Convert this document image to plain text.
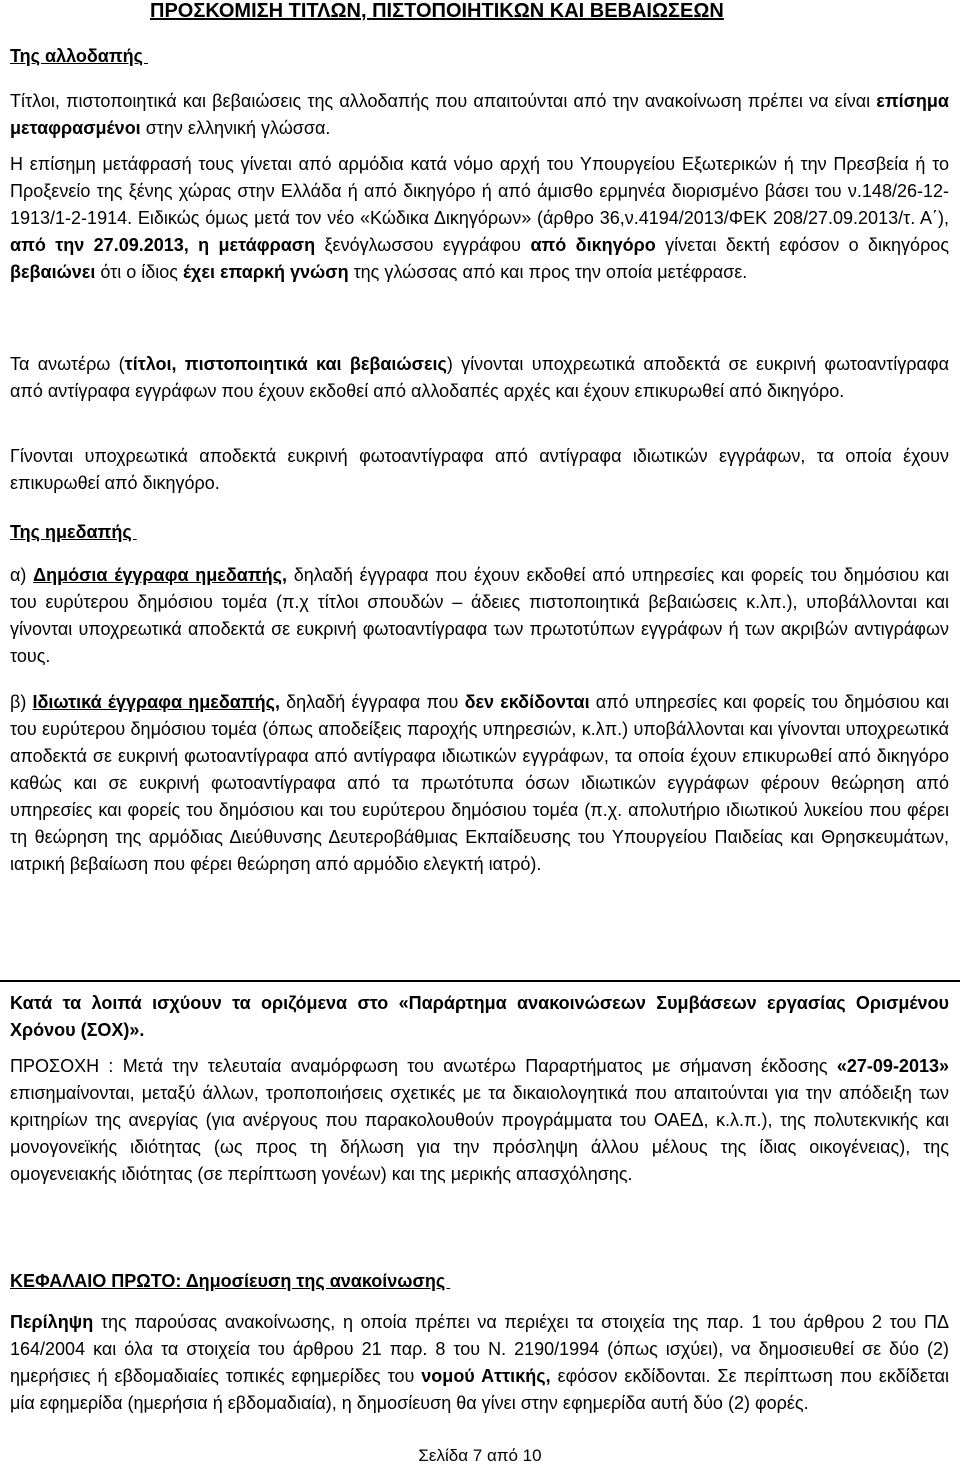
ΠΡΟΣΚΟΜΙΣΗ ΤΙΤΛΩΝ, ΠΙΣΤΟΠΟΙΗΤΙΚΩΝ ΚΑΙ ΒΕΒΑΙΩΣΕΩΝ
Της αλλοδαπής

Τίτλοι, πιστοποιητικά και βεβαιώσεις της αλλοδαπής που απαιτούνται από την ανακοίνωση πρέπει να είναι επίσημα μεταφρασμένοι στην ελληνική γλώσσα.

Η επίσημη μετάφρασή τους γίνεται από αρμόδια κατά νόμο αρχή του Υπουργείου Εξωτερικών ή την Πρεσβεία ή το Προξενείο της ξένης χώρας στην Ελλάδα ή από δικηγόρο ή από άμισθο ερμηνέα διορισμένο βάσει του ν.148/26-12-1913/1-2-1914. Ειδικώς όμως μετά τον νέο «Κώδικα Δικηγόρων» (άρθρο 36,ν.4194/2013/ΦΕΚ 208/27.09.2013/τ. Α΄), από την 27.09.2013, η μετάφραση ξενόγλωσσου εγγράφου από δικηγόρο γίνεται δεκτή εφόσον ο δικηγόρος βεβαιώνει ότι ο ίδιος έχει επαρκή γνώση της γλώσσας από και προς την οποία μετέφρασε.

Τα ανωτέρω (τίτλοι, πιστοποιητικά και βεβαιώσεις) γίνονται υποχρεωτικά αποδεκτά σε ευκρινή φωτοαντίγραφα από αντίγραφα εγγράφων που έχουν εκδοθεί από αλλοδαπές αρχές και έχουν επικυρωθεί από δικηγόρο.

Γίνονται υποχρεωτικά αποδεκτά ευκρινή φωτοαντίγραφα από αντίγραφα ιδιωτικών εγγράφων, τα οποία έχουν επικυρωθεί από δικηγόρο.

Της ημεδαπής

α) Δημόσια έγγραφα ημεδαπής, δηλαδή έγγραφα που έχουν εκδοθεί από υπηρεσίες και φορείς του δημόσιου και του ευρύτερου δημόσιου τομέα (π.χ τίτλοι σπουδών – άδειες πιστοποιητικά βεβαιώσεις κ.λπ.), υποβάλλονται και γίνονται υποχρεωτικά αποδεκτά σε ευκρινή φωτοαντίγραφα των πρωτοτύπων εγγράφων ή των ακριβών αντιγράφων τους.

β) Ιδιωτικά έγγραφα ημεδαπής, δηλαδή έγγραφα που δεν εκδίδονται από υπηρεσίες και φορείς του δημόσιου και του ευρύτερου δημόσιου τομέα (όπως αποδείξεις παροχής υπηρεσιών, κ.λπ.) υποβάλλονται και γίνονται υποχρεωτικά αποδεκτά σε ευκρινή φωτοαντίγραφα από αντίγραφα ιδιωτικών εγγράφων, τα οποία έχουν επικυρωθεί από δικηγόρο καθώς και σε ευκρινή φωτοαντίγραφα από τα πρωτότυπα όσων ιδιωτικών εγγράφων φέρουν θεώρηση από υπηρεσίες και φορείς του δημόσιου και του ευρύτερου δημόσιου τομέα (π.χ. απολυτήριο ιδιωτικού λυκείου που φέρει τη θεώρηση της αρμόδιας Διεύθυνσης Δευτεροβάθμιας Εκπαίδευσης του Υπουργείου Παιδείας και Θρησκευμάτων, ιατρική βεβαίωση που φέρει θεώρηση από αρμόδιο ελεγκτή ιατρό).

Κατά τα λοιπά ισχύουν τα οριζόμενα στο «Παράρτημα ανακοινώσεων Συμβάσεων εργασίας Ορισμένου Χρόνου (ΣΟΧ)».

ΠΡΟΣΟΧΗ : Μετά την τελευταία αναμόρφωση του ανωτέρω Παραρτήματος με σήμανση έκδοσης «27-09-2013» επισημαίνονται, μεταξύ άλλων, τροποποιήσεις σχετικές με τα δικαιολογητικά που απαιτούνται για την απόδειξη των κριτηρίων της ανεργίας (για ανέργους που παρακολουθούν προγράμματα του ΟΑΕΔ, κ.λ.π.), της πολυτεκνικής και μονογονεϊκής ιδιότητας (ως προς τη δήλωση για την πρόσληψη άλλου μέλους της ίδιας οικογένειας), της ομογενειακής ιδιότητας (σε περίπτωση γονέων) και της μερικής απασχόλησης.

ΚΕΦΑΛΑΙΟ ΠΡΩΤΟ: Δημοσίευση της ανακοίνωσης

Περίληψη της παρούσας ανακοίνωσης, η οποία πρέπει να περιέχει τα στοιχεία της παρ. 1 του άρθρου 2 του ΠΔ 164/2004 και όλα τα στοιχεία του άρθρου 21 παρ. 8 του Ν. 2190/1994 (όπως ισχύει), να δημοσιευθεί σε δύο (2) ημερήσιες ή εβδομαδιαίες τοπικές εφημερίδες του νομού Αττικής, εφόσον εκδίδονται. Σε περίπτωση που εκδίδεται μία εφημερίδα (ημερήσια ή εβδομαδιαία), η δημοσίευση θα γίνει στην εφημερίδα αυτή δύο (2) φορές.

Σελίδα 7 από 10
